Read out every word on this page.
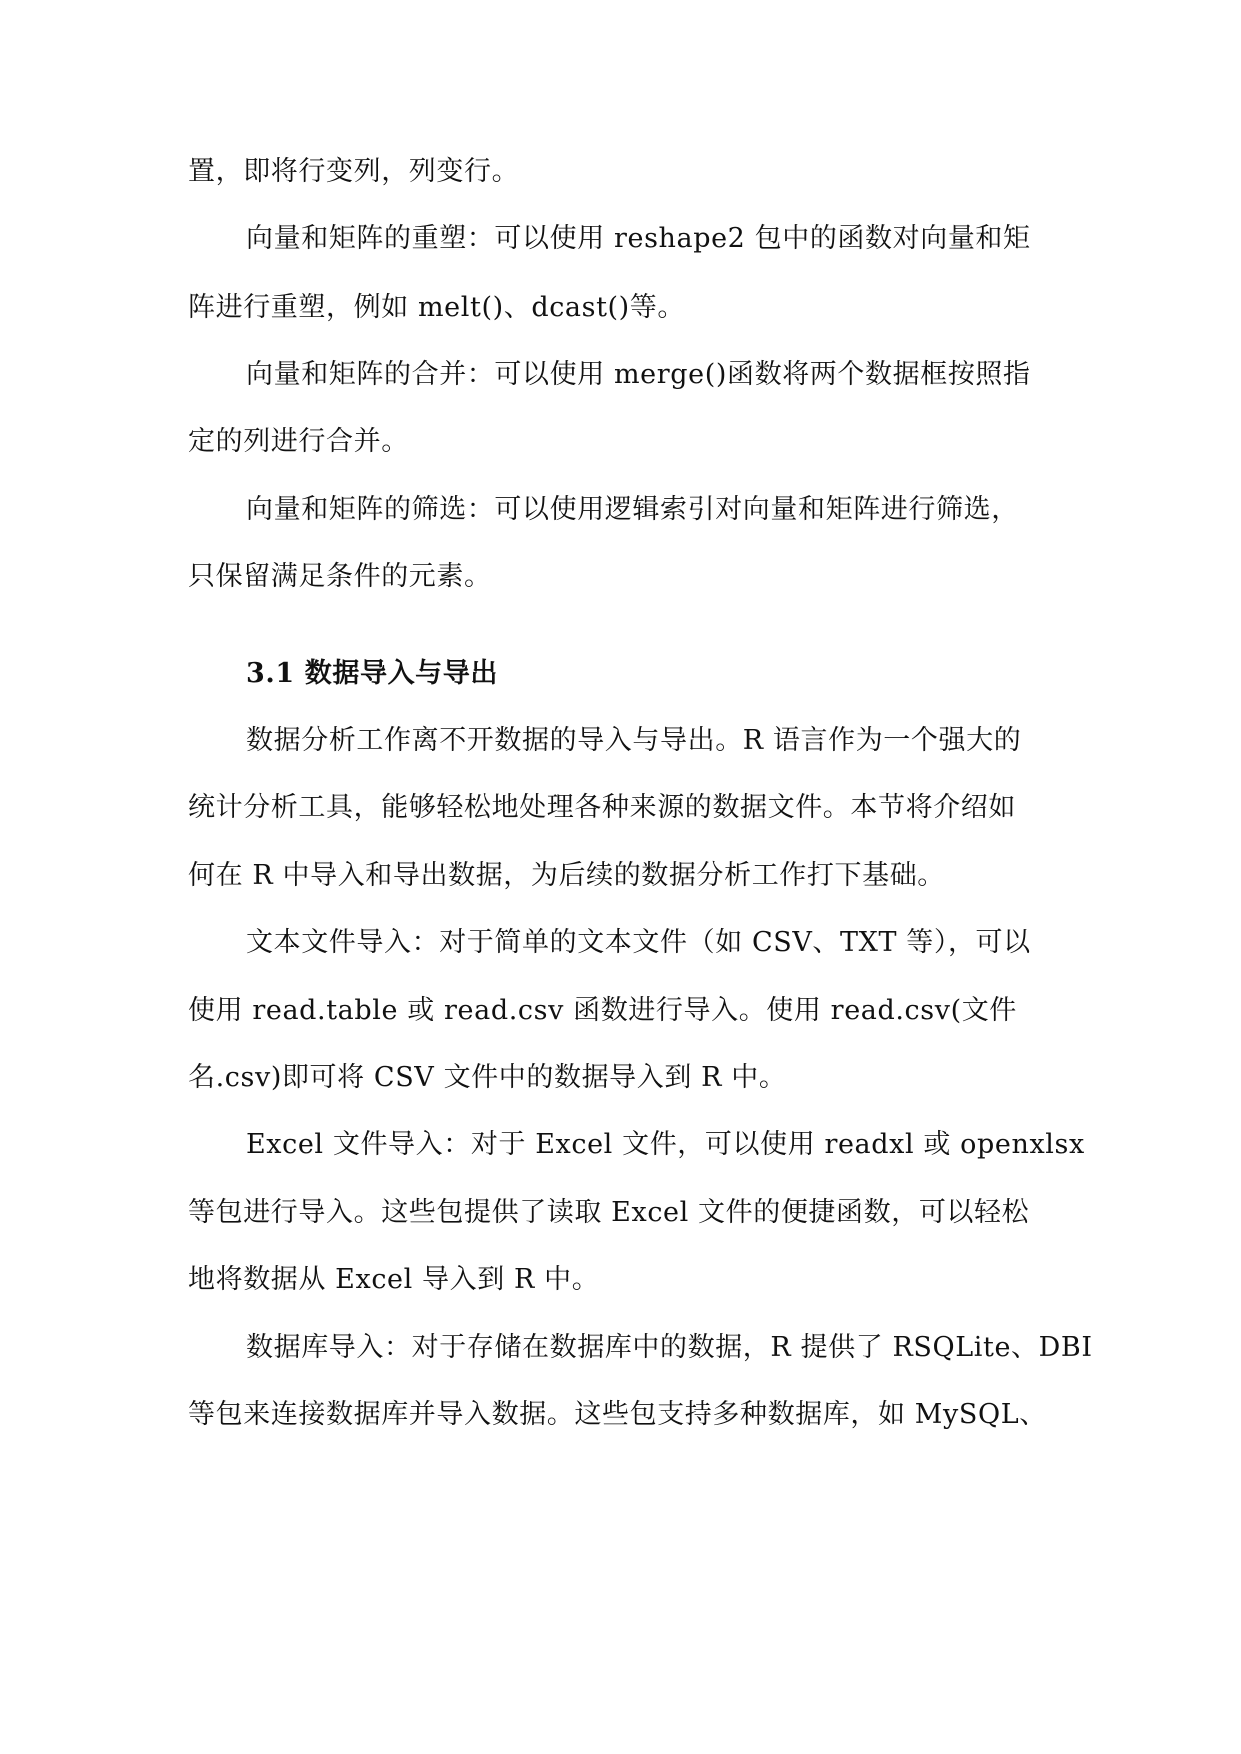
置，即将行变列，列变行。
向量和矩阵的重塑：可以使用 reshape2 包中的函数对向量和矩
阵进行重塑，例如 melt()、dcast()等。
向量和矩阵的合并：可以使用 merge()函数将两个数据框按照指
定的列进行合并。
向量和矩阵的筛选：可以使用逻辑索引对向量和矩阵进行筛选，
只保留满足条件的元素。
3.1 数据导入与导出
数据分析工作离不开数据的导入与导出。R 语言作为一个强大的
统计分析工具，能够轻松地处理各种来源的数据文件。本节将介绍如
何在 R 中导入和导出数据，为后续的数据分析工作打下基础。
文本文件导入：对于简单的文本文件（如 CSV、TXT 等），可以
使用 read.table 或 read.csv 函数进行导入。使用 read.csv(文件
名.csv)即可将 CSV 文件中的数据导入到 R 中。
Excel 文件导入：对于 Excel 文件，可以使用 readxl 或 openxlsx
等包进行导入。这些包提供了读取 Excel 文件的便捷函数，可以轻松
地将数据从 Excel 导入到 R 中。
数据库导入：对于存储在数据库中的数据，R 提供了 RSQLite、DBI
等包来连接数据库并导入数据。这些包支持多种数据库，如 MySQL、
